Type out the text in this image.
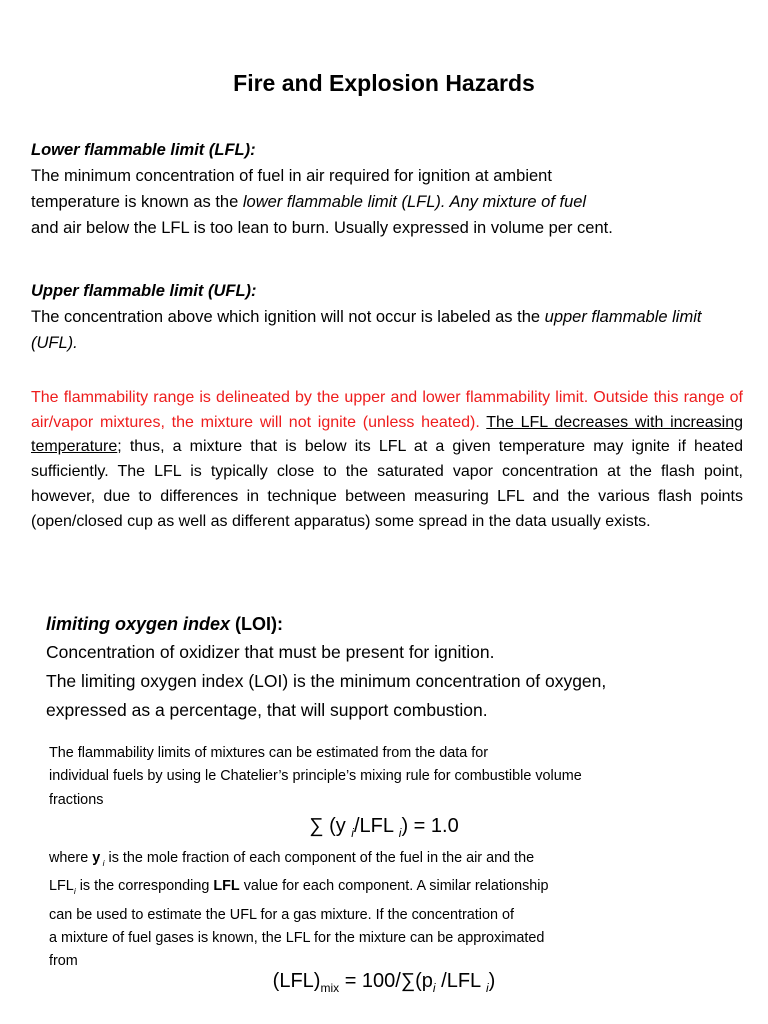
Fire and Explosion Hazards
Lower flammable limit (LFL):
The minimum concentration of fuel in air required for ignition at ambient
temperature is known as the lower flammable limit (LFL). Any mixture of fuel
and air below the LFL is too lean to burn. Usually expressed in volume per cent.
Upper flammable limit (UFL):
The concentration above which ignition will not occur is labeled as the upper flammable limit (UFL).
The flammability range is delineated by the upper and lower flammability limit. Outside this range of air/vapor mixtures, the mixture will not ignite (unless heated). The LFL decreases with increasing temperature; thus, a mixture that is below its LFL at a given temperature may ignite if heated sufficiently. The LFL is typically close to the saturated vapor concentration at the flash point, however, due to differences in technique between measuring LFL and the various flash points (open/closed cup as well as different apparatus) some spread in the data usually exists.
limiting oxygen index (LOI):
Concentration of oxidizer that must be present for ignition.
The limiting oxygen index (LOI) is the minimum concentration of oxygen,
expressed as a percentage, that will support combustion.
The flammability limits of mixtures can be estimated from the data for
individual fuels by using le Chatelier’s principle’s mixing rule for combustible volume
fractions
∑ (y $_i$/LFL $_i$) = 1.0
where y $_i$ is the mole fraction of each component of the fuel in the air and the
$LFL_i$ is the corresponding LFL value for each component. A similar relationship
can be used to estimate the UFL for a gas mixture. If the concentration of
a mixture of fuel gases is known, the LFL for the mixture can be approximated
from
$(LFL)_{mix} = 100/\sum(p_i$ /LFL $_i$)
